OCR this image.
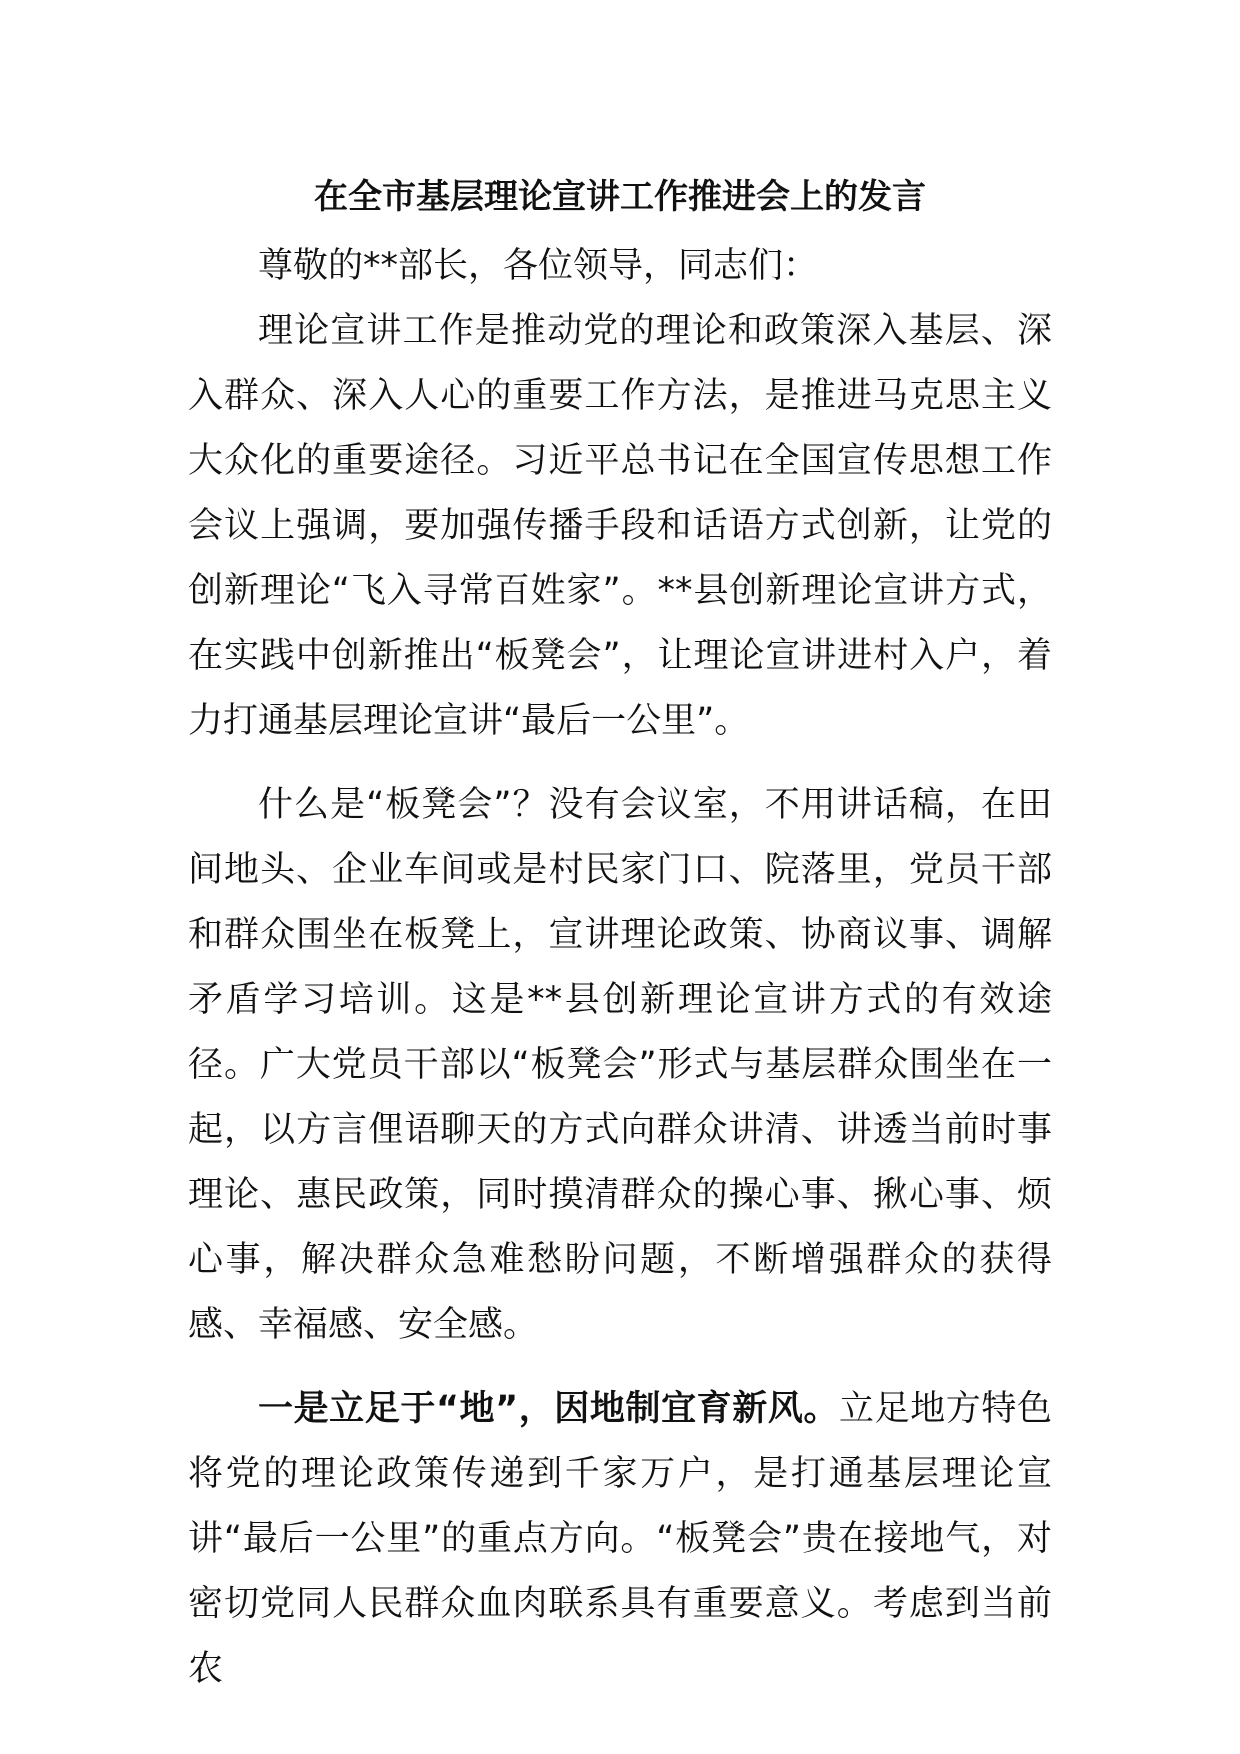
在全市基层理论宣讲工作推进会上的发言

尊敬的**部长，各位领导，同志们：

理论宣讲工作是推动党的理论和政策深入基层、深入群众、深入人心的重要工作方法，是推进马克思主义大众化的重要途径。习近平总书记在全国宣传思想工作会议上强调，要加强传播手段和话语方式创新，让党的创新理论“飞入寻常百姓家”。**县创新理论宣讲方式，在实践中创新推出“板凳会”，让理论宣讲进村入户，着力打通基层理论宣讲“最后一公里”。

什么是“板凳会”？没有会议室，不用讲话稿，在田间地头、企业车间或是村民家门口、院落里，党员干部和群众围坐在板凳上，宣讲理论政策、协商议事、调解矛盾学习培训。这是**县创新理论宣讲方式的有效途径。广大党员干部以“板凳会”形式与基层群众围坐在一起，以方言俚语聊天的方式向群众讲清、讲透当前时事理论、惠民政策，同时摸清群众的操心事、揪心事、烦心事，解决群众急难愁盼问题，不断增强群众的获得感、幸福感、安全感。

一是立足于“地”，因地制宜育新风。立足地方特色将党的理论政策传递到千家万户，是打通基层理论宣讲“最后一公里”的重点方向。“板凳会”贵在接地气，对密切党同人民群众血肉联系具有重要意义。考虑到当前农
